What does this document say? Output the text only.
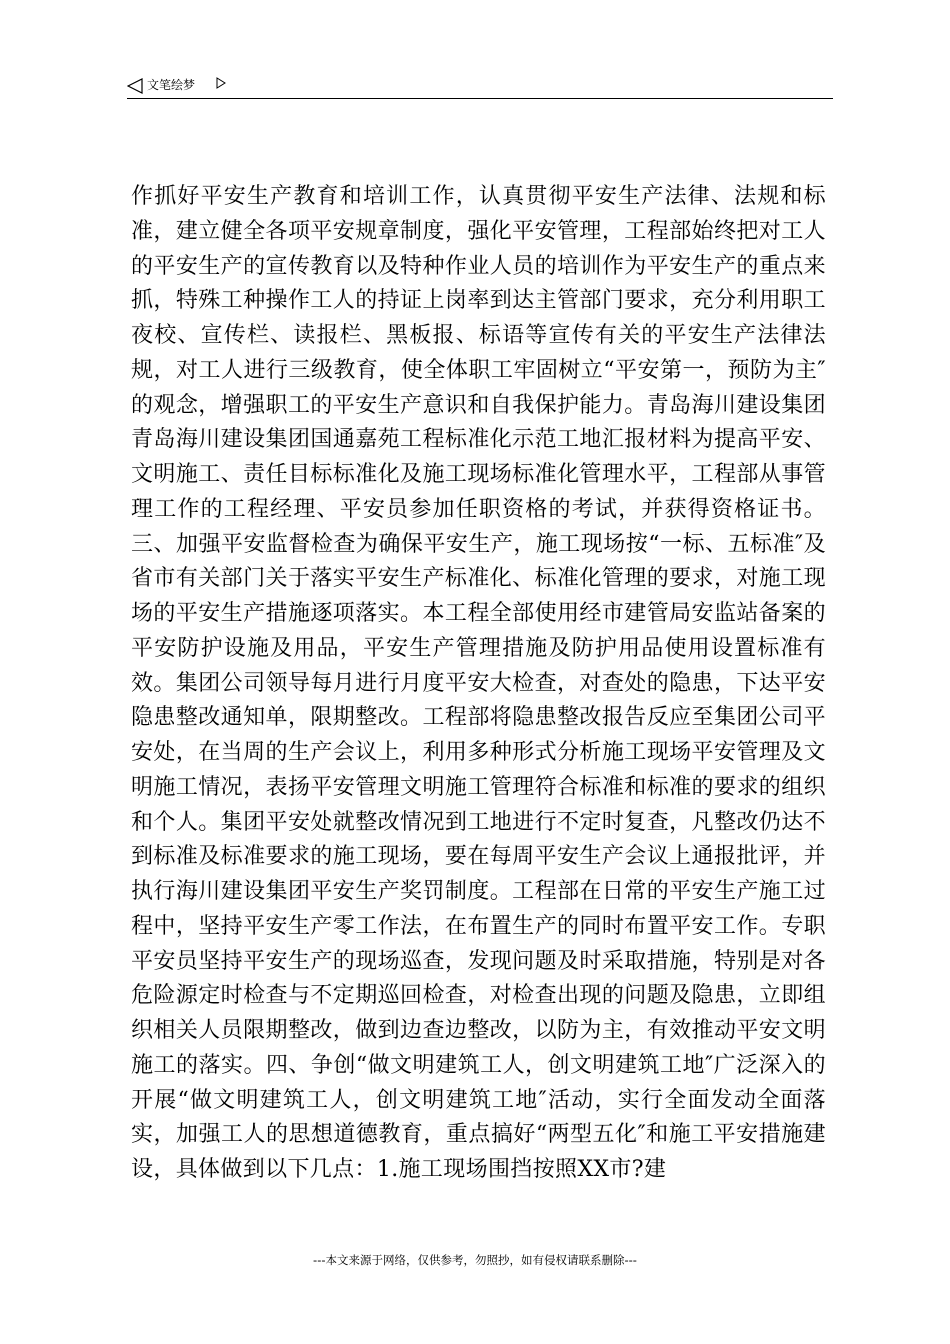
文笔绘梦

作抓好平安生产教育和培训工作，认真贯彻平安生产法律、法规和标准，建立健全各项平安规章制度，强化平安管理，工程部始终把对工人的平安生产的宣传教育以及特种作业人员的培训作为平安生产的重点来抓，特殊工种操作工人的持证上岗率到达主管部门要求，充分利用职工夜校、宣传栏、读报栏、黑板报、标语等宣传有关的平安生产法律法规，对工人进行三级教育，使全体职工牢固树立“平安第一，预防为主″的观念，增强职工的平安生产意识和自我保护能力。青岛海川建设集团青岛海川建设集团国通嘉苑工程标准化示范工地汇报材料为提高平安、文明施工、责任目标标准化及施工现场标准化管理水平，工程部从事管理工作的工程经理、平安员参加任职资格的考试，并获得资格证书。三、加强平安监督检查为确保平安生产，施工现场按“一标、五标准″及省市有关部门关于落实平安生产标准化、标准化管理的要求，对施工现场的平安生产措施逐项落实。本工程全部使用经市建管局安监站备案的平安防护设施及用品，平安生产管理措施及防护用品使用设置标准有效。集团公司领导每月进行月度平安大检查，对查处的隐患，下达平安隐患整改通知单，限期整改。工程部将隐患整改报告反应至集团公司平安处，在当周的生产会议上，利用多种形式分析施工现场平安管理及文明施工情况，表扬平安管理文明施工管理符合标准和标准的要求的组织和个人。集团平安处就整改情况到工地进行不定时复查，凡整改仍达不到标准及标准要求的施工现场，要在每周平安生产会议上通报批评，并执行海川建设集团平安生产奖罚制度。工程部在日常的平安生产施工过程中，坚持平安生产零工作法，在布置生产的同时布置平安工作。专职平安员坚持平安生产的现场巡查，发现问题及时采取措施，特别是对各危险源定时检查与不定期巡回检查，对检查出现的问题及隐患，立即组织相关人员限期整改，做到边查边整改，以防为主，有效推动平安文明施工的落实。四、争创“做文明建筑工人，创文明建筑工地″广泛深入的开展“做文明建筑工人，创文明建筑工地″活动，实行全面发动全面落实，加强工人的思想道德教育，重点搞好“两型五化″和施工平安措施建设，具体做到以下几点：1.施工现场围挡按照XX市?建

---本文来源于网络，仅供参考，勿照抄，如有侵权请联系删除---
